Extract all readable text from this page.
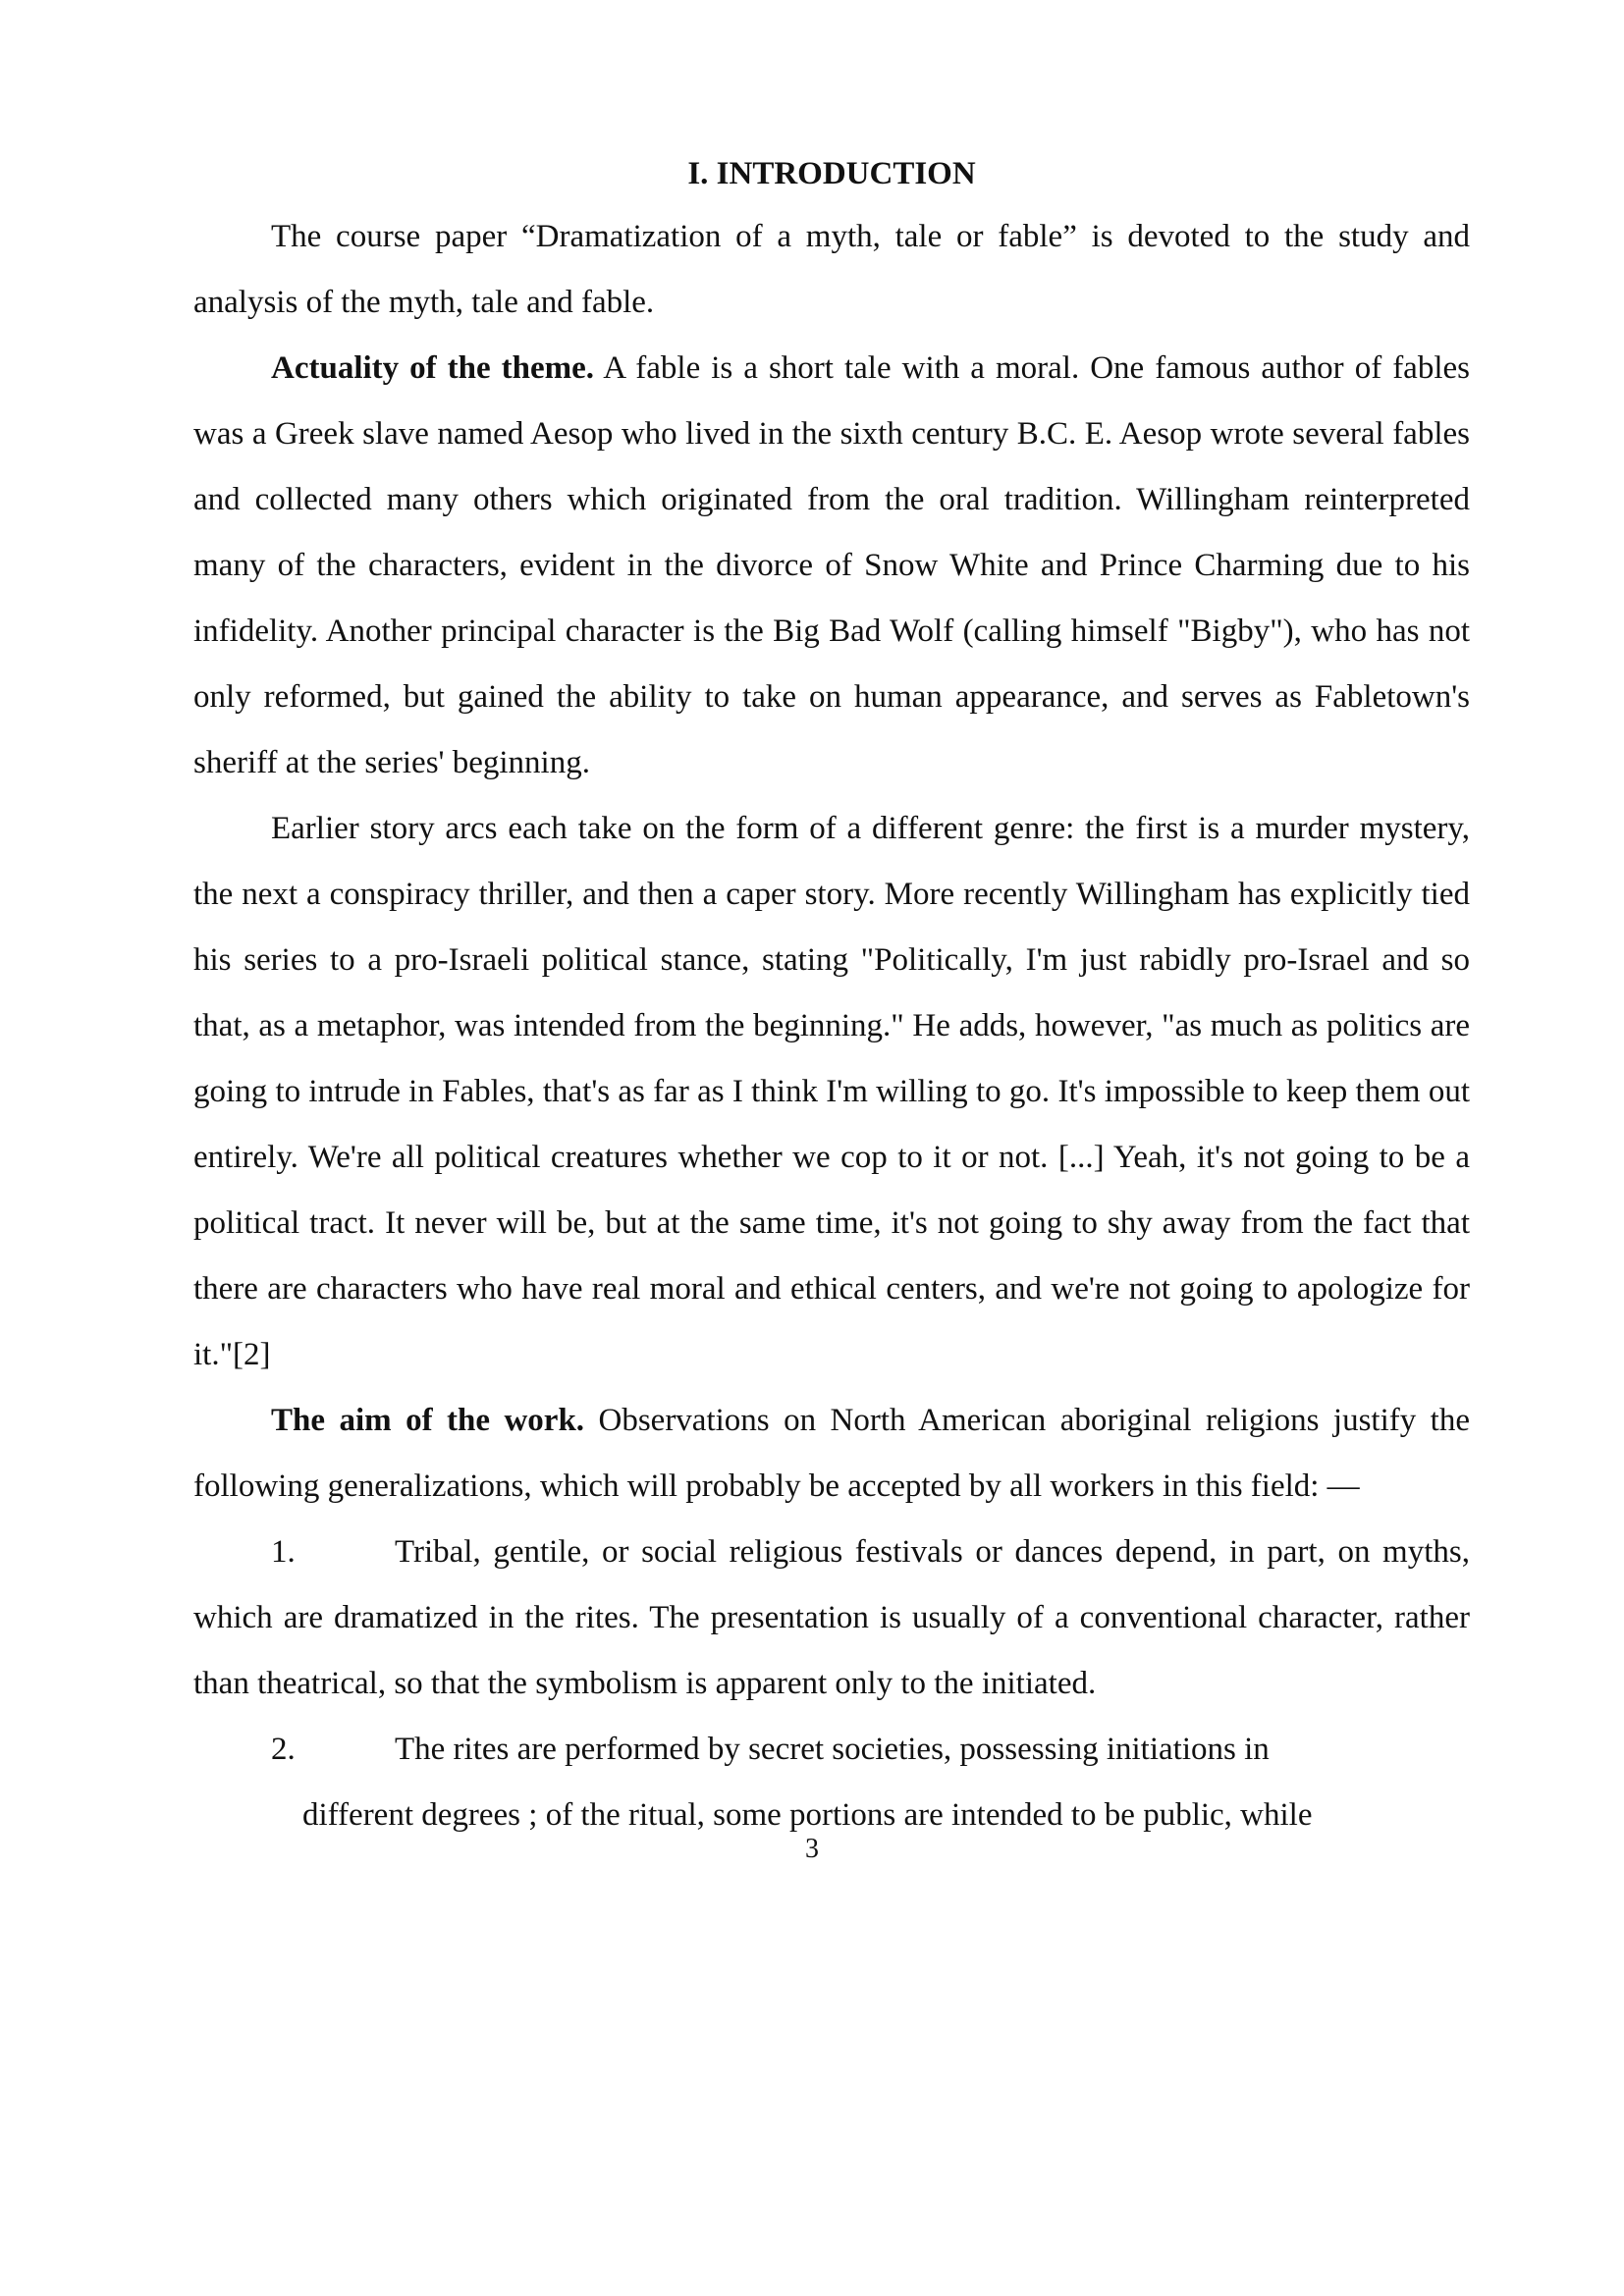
I. INTRODUCTION

The course paper “Dramatization of a myth, tale or fable” is devoted to the study and analysis of the myth, tale and fable.

Actuality of the theme. A fable is a short tale with a moral. One famous author of fables was a Greek slave named Aesop who lived in the sixth century B.C. E. Aesop wrote several fables and collected many others which originated from the oral tradition. Willingham reinterpreted many of the characters, evident in the divorce of Snow White and Prince Charming due to his infidelity. Another principal character is the Big Bad Wolf (calling himself "Bigby"), who has not only reformed, but gained the ability to take on human appearance, and serves as Fabletown's sheriff at the series' beginning.

Earlier story arcs each take on the form of a different genre: the first is a murder mystery, the next a conspiracy thriller, and then a caper story. More recently Willingham has explicitly tied his series to a pro-Israeli political stance, stating "Politically, I'm just rabidly pro-Israel and so that, as a metaphor, was intended from the beginning." He adds, however, "as much as politics are going to intrude in Fables, that's as far as I think I'm willing to go. It's impossible to keep them out entirely. We're all political creatures whether we cop to it or not. [...] Yeah, it's not going to be a political tract. It never will be, but at the same time, it's not going to shy away from the fact that there are characters who have real moral and ethical centers, and we're not going to apologize for it."[2]

The aim of the work. Observations on North American aboriginal religions justify the following generalizations, which will probably be accepted by all workers in this field: —

1.	Tribal, gentile, or social religious festivals or dances depend, in part, on myths, which are dramatized in the rites. The presentation is usually of a conventional character, rather than theatrical, so that the symbolism is apparent only to the initiated.

2.	The rites are performed by secret societies, possessing initiations in

different degrees ; of the ritual, some portions are intended to be public, while

3
